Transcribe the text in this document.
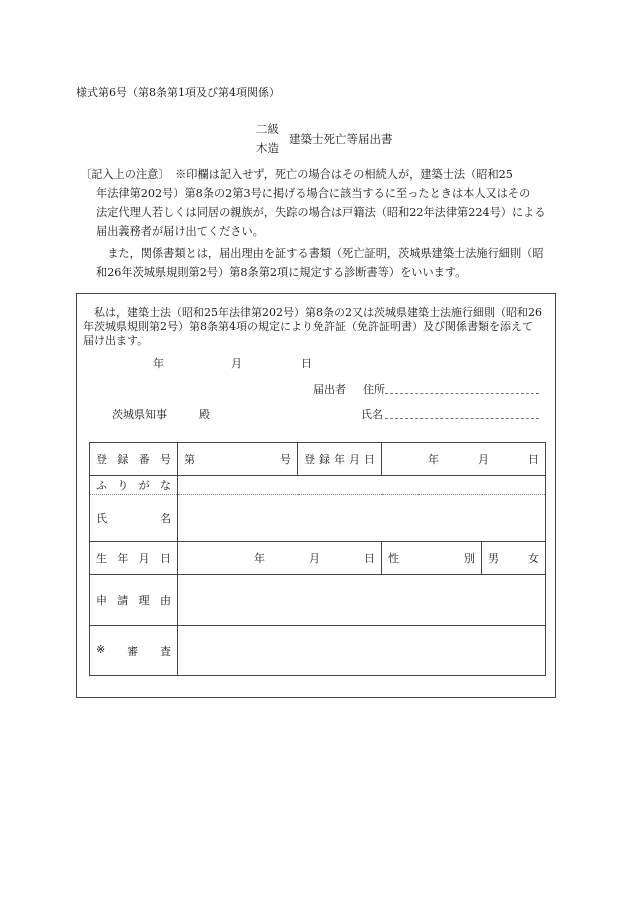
様式第6号（第8条第1項及び第4項関係）
二級
木造
建築士死亡等届出書
〔記入上の注意〕　※印欄は記入せず，死亡の場合はその相続人が，建築士法（昭和25
年法律第202号）第8条の2第3号に掲げる場合に該当するに至ったときは本人又はその
法定代理人若しくは同居の親族が，失踪の場合は戸籍法（昭和22年法律第224号）による
届出義務者が届け出てください。
　また，関係書類とは，届出理由を証する書類（死亡証明，茨城県建築士法施行細則（昭
和26年茨城県規則第2号）第8条第2項に規定する診断書等）をいいます。
　私は，建築士法（昭和25年法律第202号）第8条の2又は茨城県建築士法施行細則（昭和26
年茨城県規則第2号）第8条第4項の規定により免許証（免許証明書）及び関係書類を添えて
届け出ます。
年	月	日
届出者 住所
茨城県知事	殿	氏名
登 録 番 号	第 号	登 録 年 月 日	年 月 日	

ふ り が な				

氏 名				

生 年 月 日	年 月 日		性 別	男 女

申 請 理 由				

※ 審 査				
